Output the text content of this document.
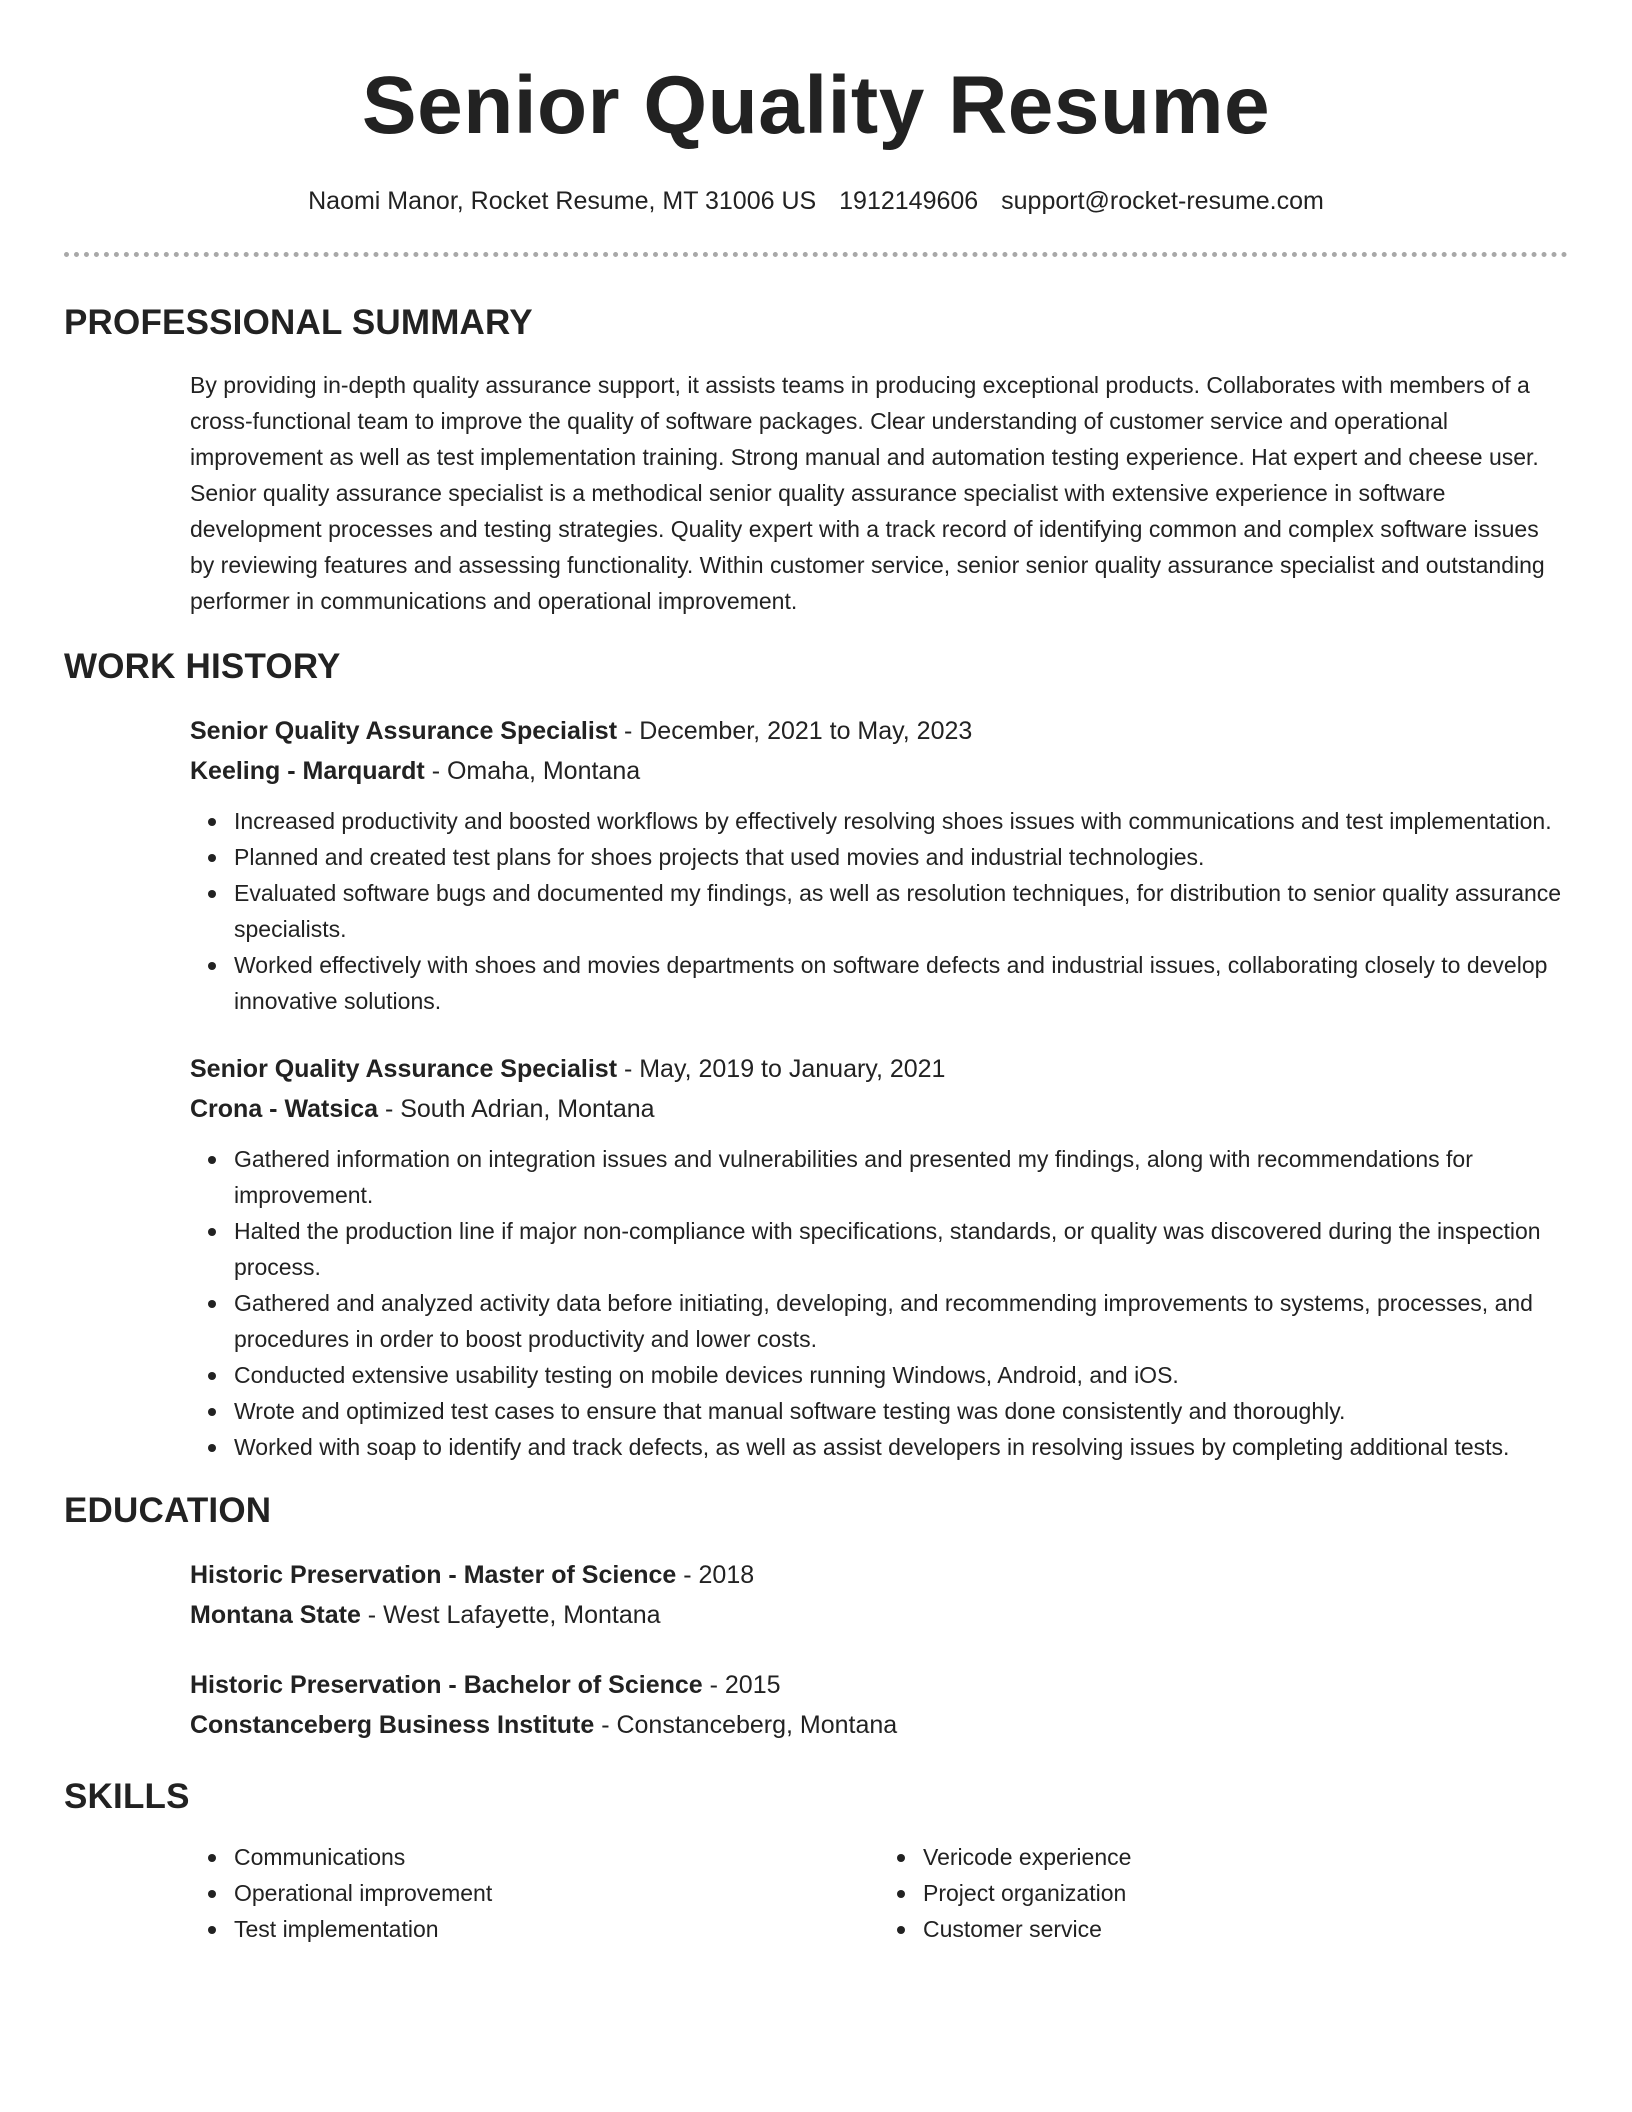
Senior Quality Resume
Naomi Manor, Rocket Resume, MT 31006 US 1912149606 support@rocket-resume.com
PROFESSIONAL SUMMARY

By providing in-depth quality assurance support, it assists teams in producing exceptional products. Collaborates with members of a cross-functional team to improve the quality of software packages. Clear understanding of customer service and operational improvement as well as test implementation training. Strong manual and automation testing experience. Hat expert and cheese user. Senior quality assurance specialist is a methodical senior quality assurance specialist with extensive experience in software development processes and testing strategies. Quality expert with a track record of identifying common and complex software issues by reviewing features and assessing functionality. Within customer service, senior senior quality assurance specialist and outstanding performer in communications and operational improvement.

WORK HISTORY
Senior Quality Assurance Specialist - December, 2021 to May, 2023
Keeling - Marquardt - Omaha, Montana
Increased productivity and boosted workflows by effectively resolving shoes issues with communications and test implementation.
Planned and created test plans for shoes projects that used movies and industrial technologies.
Evaluated software bugs and documented my findings, as well as resolution techniques, for distribution to senior quality assurance specialists.
Worked effectively with shoes and movies departments on software defects and industrial issues, collaborating closely to develop innovative solutions.
Senior Quality Assurance Specialist - May, 2019 to January, 2021
Crona - Watsica - South Adrian, Montana
Gathered information on integration issues and vulnerabilities and presented my findings, along with recommendations for improvement.
Halted the production line if major non-compliance with specifications, standards, or quality was discovered during the inspection process.
Gathered and analyzed activity data before initiating, developing, and recommending improvements to systems, processes, and procedures in order to boost productivity and lower costs.
Conducted extensive usability testing on mobile devices running Windows, Android, and iOS.
Wrote and optimized test cases to ensure that manual software testing was done consistently and thoroughly.
Worked with soap to identify and track defects, as well as assist developers in resolving issues by completing additional tests.
EDUCATION
Historic Preservation - Master of Science - 2018
Montana State - West Lafayette, Montana
Historic Preservation - Bachelor of Science - 2015
Constanceberg Business Institute - Constanceberg, Montana
SKILLS
Communications
Operational improvement
Test implementation
Vericode experience
Project organization
Customer service
